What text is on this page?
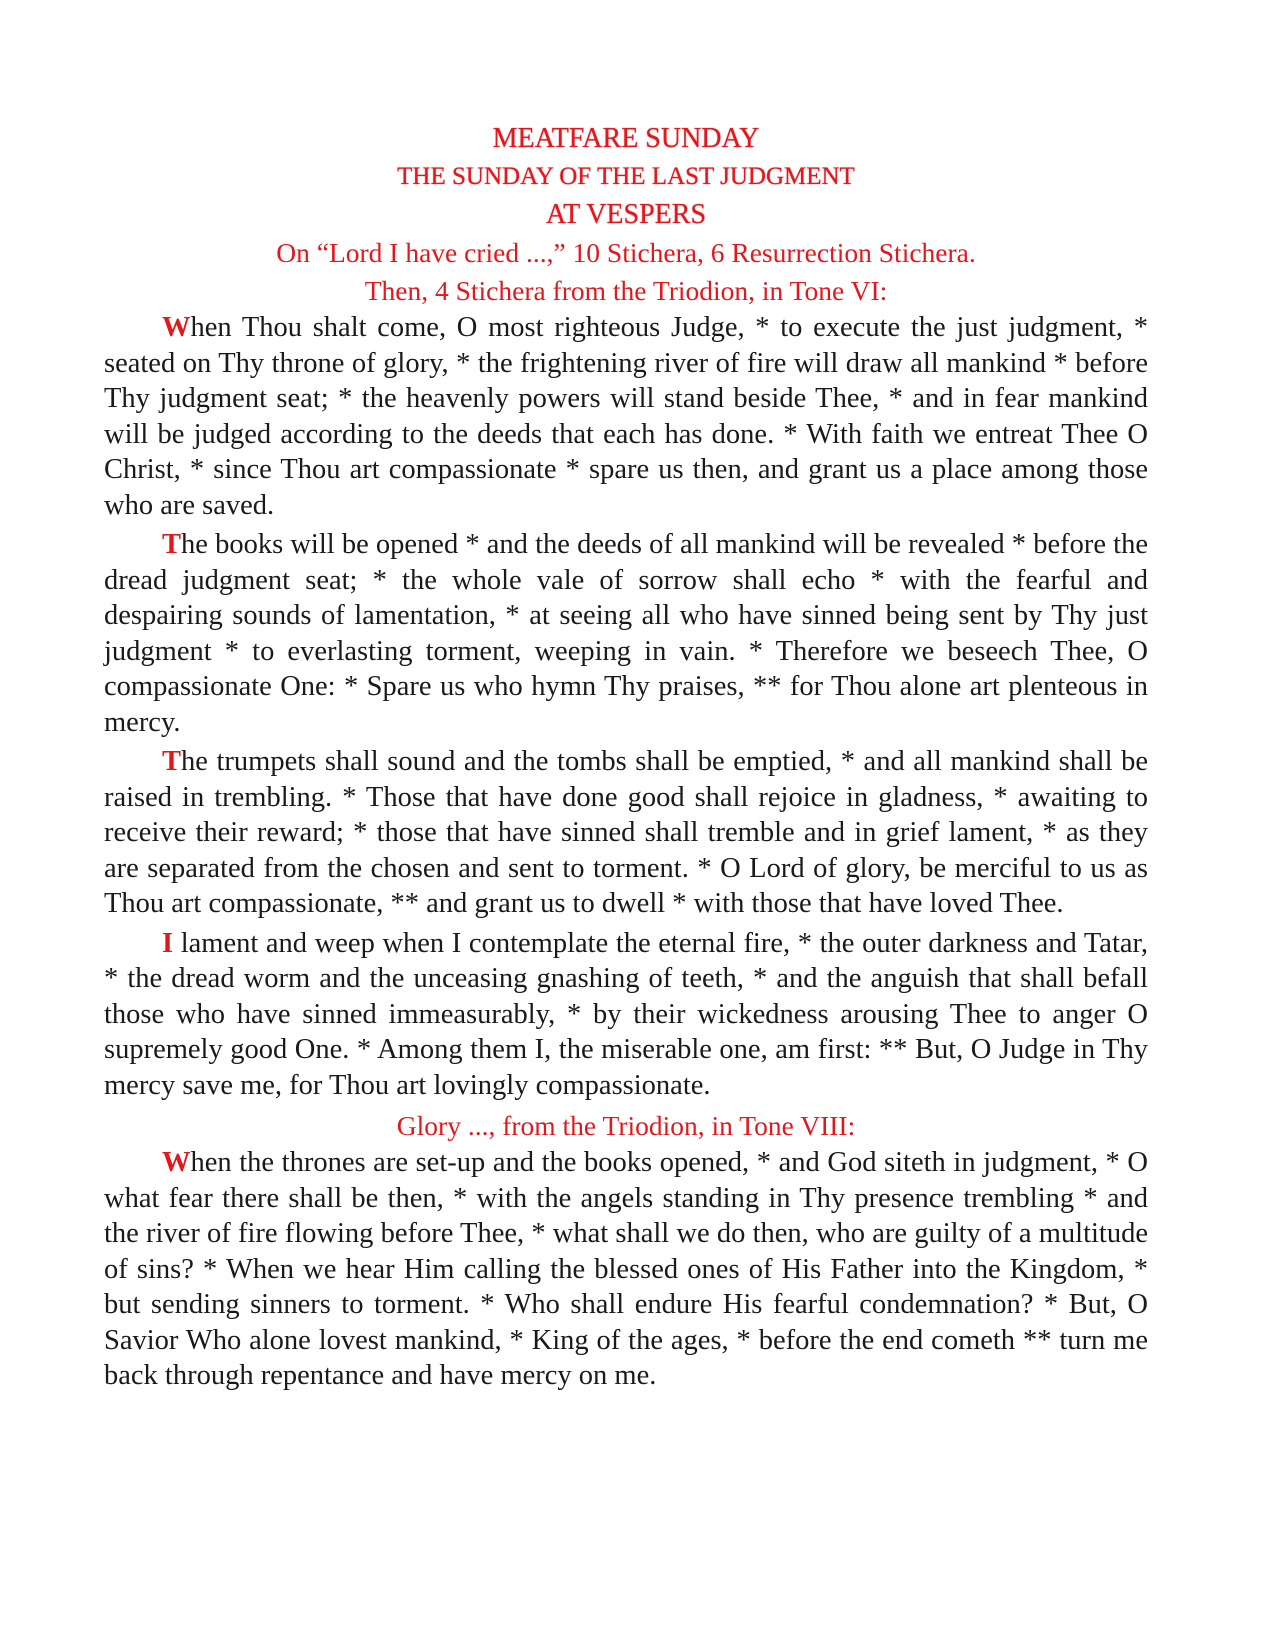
MEATFARE SUNDAY

THE SUNDAY OF THE LAST JUDGMENT

AT VESPERS

On “Lord I have cried ...,” 10 Stichera, 6 Resurrection Stichera.

Then, 4 Stichera from the Triodion, in Tone VI:

When Thou shalt come, O most righteous Judge, * to execute the just judgment, * seated on Thy throne of glory, * the frightening river of fire will draw all mankind * before Thy judgment seat; * the heavenly powers will stand beside Thee, * and in fear mankind will be judged according to the deeds that each has done. * With faith we entreat Thee O Christ, * since Thou art compassionate * spare us then, and grant us a place among those who are saved.

The books will be opened * and the deeds of all mankind will be revealed * before the dread judgment seat; * the whole vale of sorrow shall echo * with the fearful and despairing sounds of lamentation, * at seeing all who have sinned being sent by Thy just judgment * to everlasting torment, weeping in vain. * Therefore we beseech Thee, O compassionate One: * Spare us who hymn Thy praises, ** for Thou alone art plenteous in mercy.

The trumpets shall sound and the tombs shall be emptied, * and all mankind shall be raised in trembling. * Those that have done good shall rejoice in gladness, * awaiting to receive their reward; * those that have sinned shall tremble and in grief lament, * as they are separated from the chosen and sent to torment. * O Lord of glory, be merciful to us as Thou art compassionate, ** and grant us to dwell * with those that have loved Thee.

I lament and weep when I contemplate the eternal fire, * the outer darkness and Tatar, * the dread worm and the unceasing gnashing of teeth, * and the anguish that shall befall those who have sinned immeasurably, * by their wickedness arousing Thee to anger O supremely good One. * Among them I, the miserable one, am first: ** But, O Judge in Thy mercy save me, for Thou art lovingly compassionate.

Glory ..., from the Triodion, in Tone VIII:

When the thrones are set-up and the books opened, * and God siteth in judgment, * O what fear there shall be then, * with the angels standing in Thy presence trembling * and the river of fire flowing before Thee, * what shall we do then, who are guilty of a multitude of sins? * When we hear Him calling the blessed ones of His Father into the Kingdom, * but sending sinners to torment. * Who shall endure His fearful condemnation? * But, O Savior Who alone lovest mankind, * King of the ages, * before the end cometh ** turn me back through repentance and have mercy on me.
